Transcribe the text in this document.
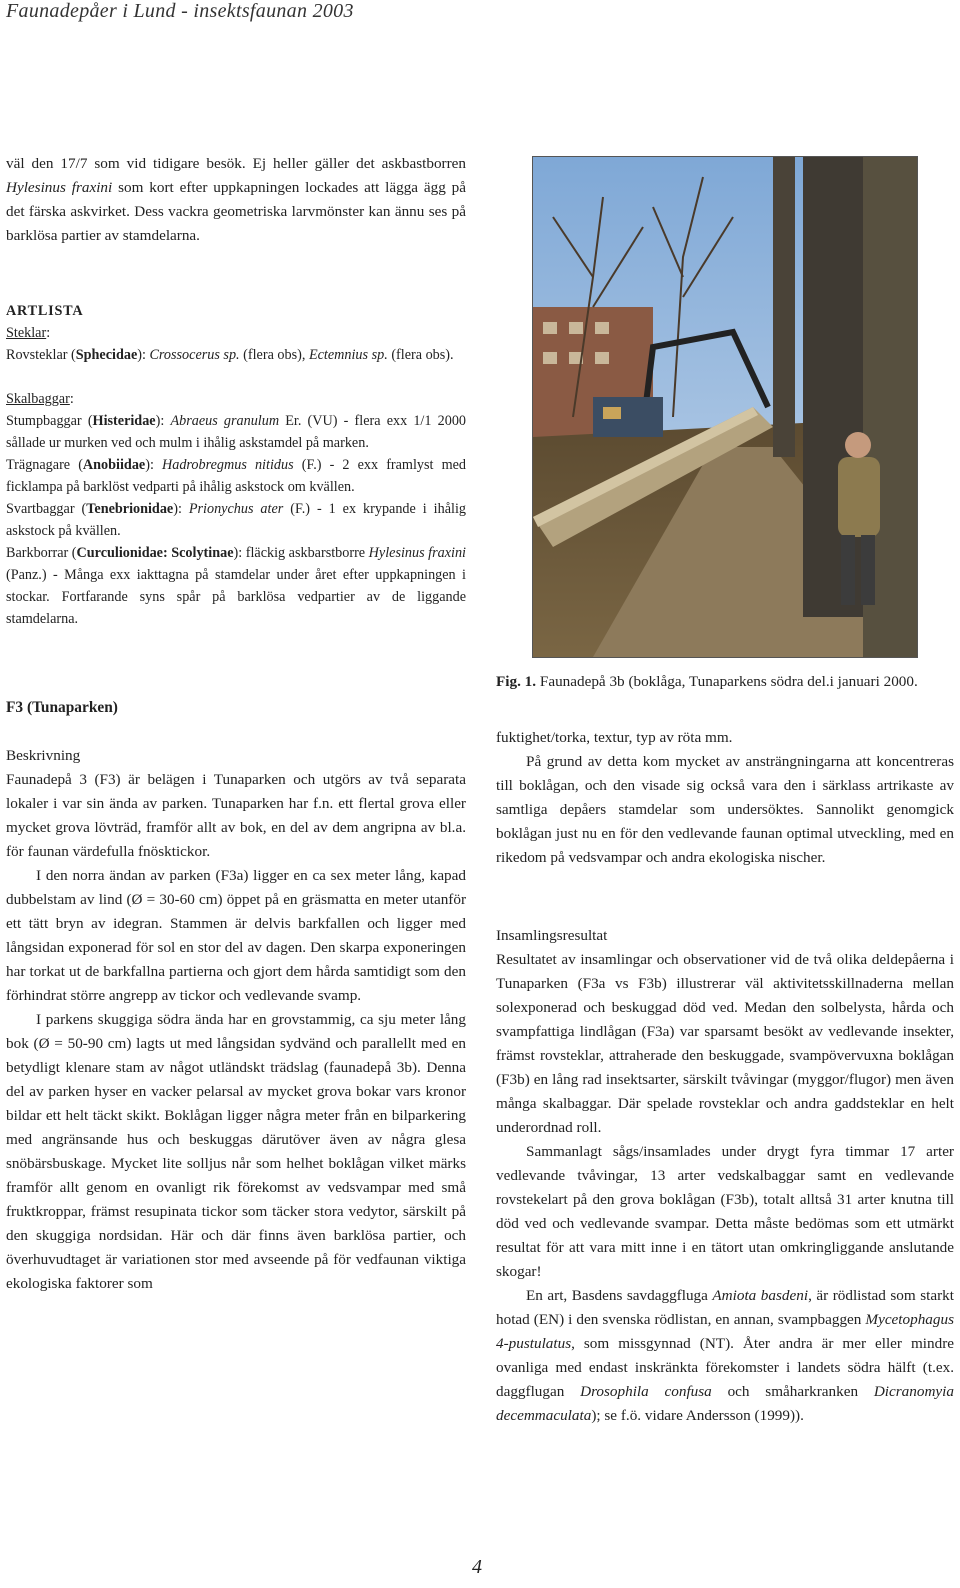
Faunadepåer i Lund - insektsfaunan 2003

väl den 17/7 som vid tidigare besök. Ej heller gäller det askbastborren Hylesinus fraxini som kort efter uppkapningen lockades att lägga ägg på det färska askvirket. Dess vackra geometriska larvmönster kan ännu ses på barklösa partier av stamdelarna.

ARTLISTA

Steklar:

Rovsteklar (Sphecidae): Crossocerus sp. (flera obs), Ectemnius sp. (flera obs).

Skalbaggar:

Stumpbaggar (Histeridae): Abraeus granulum Er. (VU) - flera exx 1/1 2000 sållade ur murken ved och mulm i ihålig askstamdel på marken.

Trägnagare (Anobiidae): Hadrobregmus nitidus (F.) - 2 exx framlyst med ficklampa på barklöst vedparti på ihålig askstock om kvällen.

Svartbaggar (Tenebrionidae): Prionychus ater (F.) - 1 ex krypande i ihålig askstock på kvällen.

Barkborrar (Curculionidae: Scolytinae): fläckig askbarstborre Hylesinus fraxini (Panz.) - Många exx iakttagna på stamdelar under året efter uppkapningen i stockar. Fortfarande syns spår på barklösa vedpartier av de liggande stamdelarna.

F3 (Tunaparken)

Beskrivning

Faunadepå 3 (F3) är belägen i Tunaparken och utgörs av två separata lokaler i var sin ända av parken. Tunaparken har f.n. ett flertal grova eller mycket grova lövträd, framför allt av bok, en del av dem angripna av bl.a. för faunan värdefulla fnösktickor.

I den norra ändan av parken (F3a) ligger en ca sex meter lång, kapad dubbelstam av lind (Ø = 30-60 cm) öppet på en gräsmatta en meter utanför ett tätt bryn av idegran. Stammen är delvis barkfallen och ligger med långsidan exponerad för sol en stor del av dagen. Den skarpa exponeringen har torkat ut de barkfallna partierna och gjort dem hårda samtidigt som den förhindrat större angrepp av tickor och vedlevande svamp.

I parkens skuggiga södra ända har en grovstammig, ca sju meter lång bok (Ø = 50-90 cm) lagts ut med långsidan sydvänd och parallellt med en betydligt klenare stam av något utländskt trädslag (faunadepå 3b). Denna del av parken hyser en vacker pelarsal av mycket grova bokar vars kronor bildar ett helt täckt skikt. Boklågan ligger några meter från en bilparkering med angränsande hus och beskuggas därutöver även av några glesa snöbärsbuskage. Mycket lite solljus når som helhet boklågan vilket märks framför allt genom en ovanligt rik förekomst av vedsvampar med små fruktkroppar, främst resupinata tickor som täcker stora vedytor, särskilt på den skuggiga nordsidan. Här och där finns även barklösa partier, och överhuvudtaget är variationen stor med avseende på för vedfaunan viktiga ekologiska faktorer som

Fig. 1. Faunadepå 3b (boklåga, Tunaparkens södra del.i januari 2000.

fuktighet/torka, textur, typ av röta mm.

På grund av detta kom mycket av ansträngningarna att koncentreras till boklågan, och den visade sig också vara den i särklass artrikaste av samtliga depåers stamdelar som undersöktes. Sannolikt genomgick boklågan just nu en för den vedlevande faunan optimal utveckling, med en rikedom på vedsvampar och andra ekologiska nischer.

Insamlingsresultat

Resultatet av insamlingar och observationer vid de två olika deldepåerna i Tunaparken (F3a vs F3b) illustrerar väl aktivitetsskillnaderna mellan solexponerad och beskuggad död ved. Medan den solbelysta, hårda och svampfattiga lindlågan (F3a) var sparsamt besökt av vedlevande insekter, främst rovsteklar, attraherade den beskuggade, svampövervuxna boklågan (F3b) en lång rad insektsarter, särskilt tvåvingar (myggor/flugor) men även många skalbaggar. Där spelade rovsteklar och andra gaddsteklar en helt underordnad roll.

Sammanlagt sågs/insamlades under drygt fyra timmar 17 arter vedlevande tvåvingar, 13 arter vedskalbaggar samt en vedlevande rovstekelart på den grova boklågan (F3b), totalt alltså 31 arter knutna till död ved och vedlevande svampar. Detta måste bedömas som ett utmärkt resultat för att vara mitt inne i en tätort utan omkringliggande anslutande skogar!

En art, Basdens savdaggfluga Amiota basdeni, är rödlistad som starkt hotad (EN) i den svenska rödlistan, en annan, svampbaggen Mycetophagus 4-pustulatus, som missgynnad (NT). Åter andra är mer eller mindre ovanliga med endast inskränkta förekomster i landets södra hälft (t.ex. daggflugan Drosophila confusa och småharkranken Dicranomyia decemmaculata); se f.ö. vidare Andersson (1999)).

4
